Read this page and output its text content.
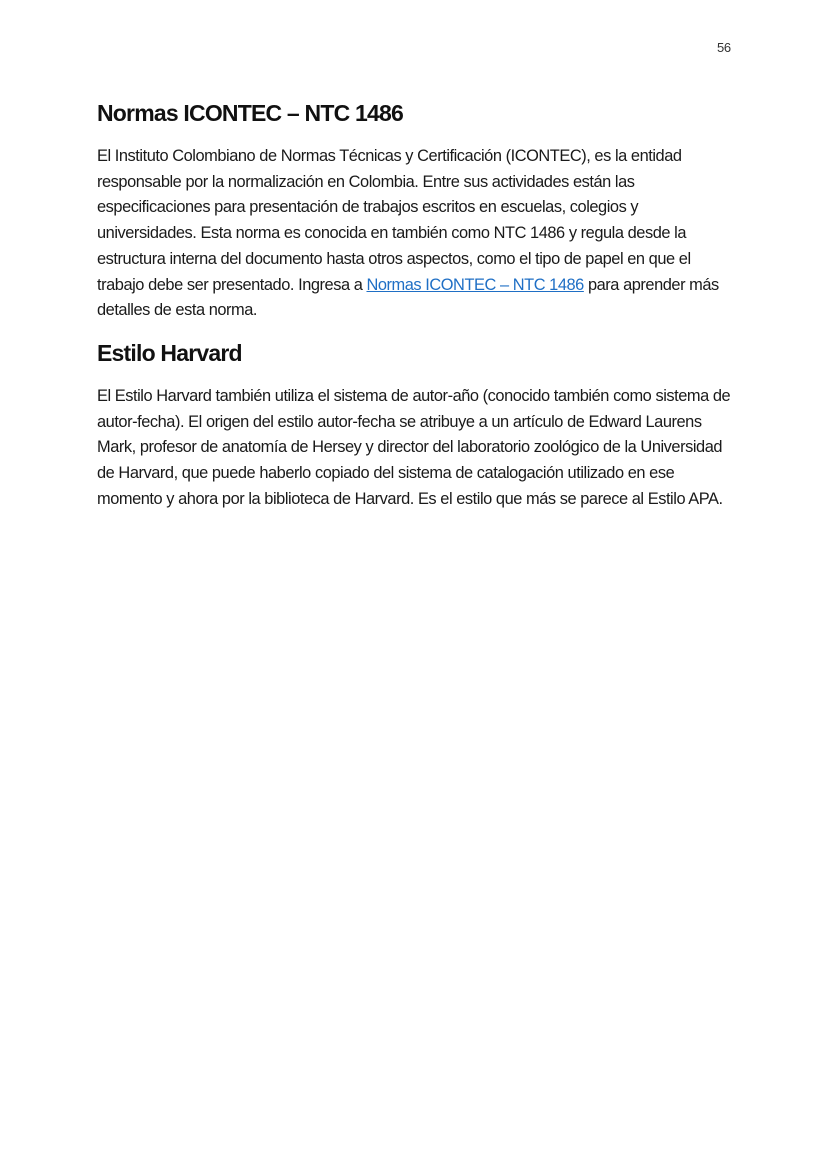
56
Normas ICONTEC – NTC 1486

El Instituto Colombiano de Normas Técnicas y Certificación (ICONTEC), es la entidad responsable por la normalización en Colombia. Entre sus actividades están las especificaciones para presentación de trabajos escritos en escuelas, colegios y universidades. Esta norma es conocida en también como NTC 1486 y regula desde la estructura interna del documento hasta otros aspectos, como el tipo de papel en que el trabajo debe ser presentado. Ingresa a Normas ICONTEC – NTC 1486 para aprender más detalles de esta norma.

Estilo Harvard

El Estilo Harvard también utiliza el sistema de autor-año (conocido también como sistema de autor-fecha). El origen del estilo autor-fecha se atribuye a un artículo de Edward Laurens Mark, profesor de anatomía de Hersey y director del laboratorio zoológico de la Universidad de Harvard, que puede haberlo copiado del sistema de catalogación utilizado en ese momento y ahora por la biblioteca de Harvard. Es el estilo que más se parece al Estilo APA.
